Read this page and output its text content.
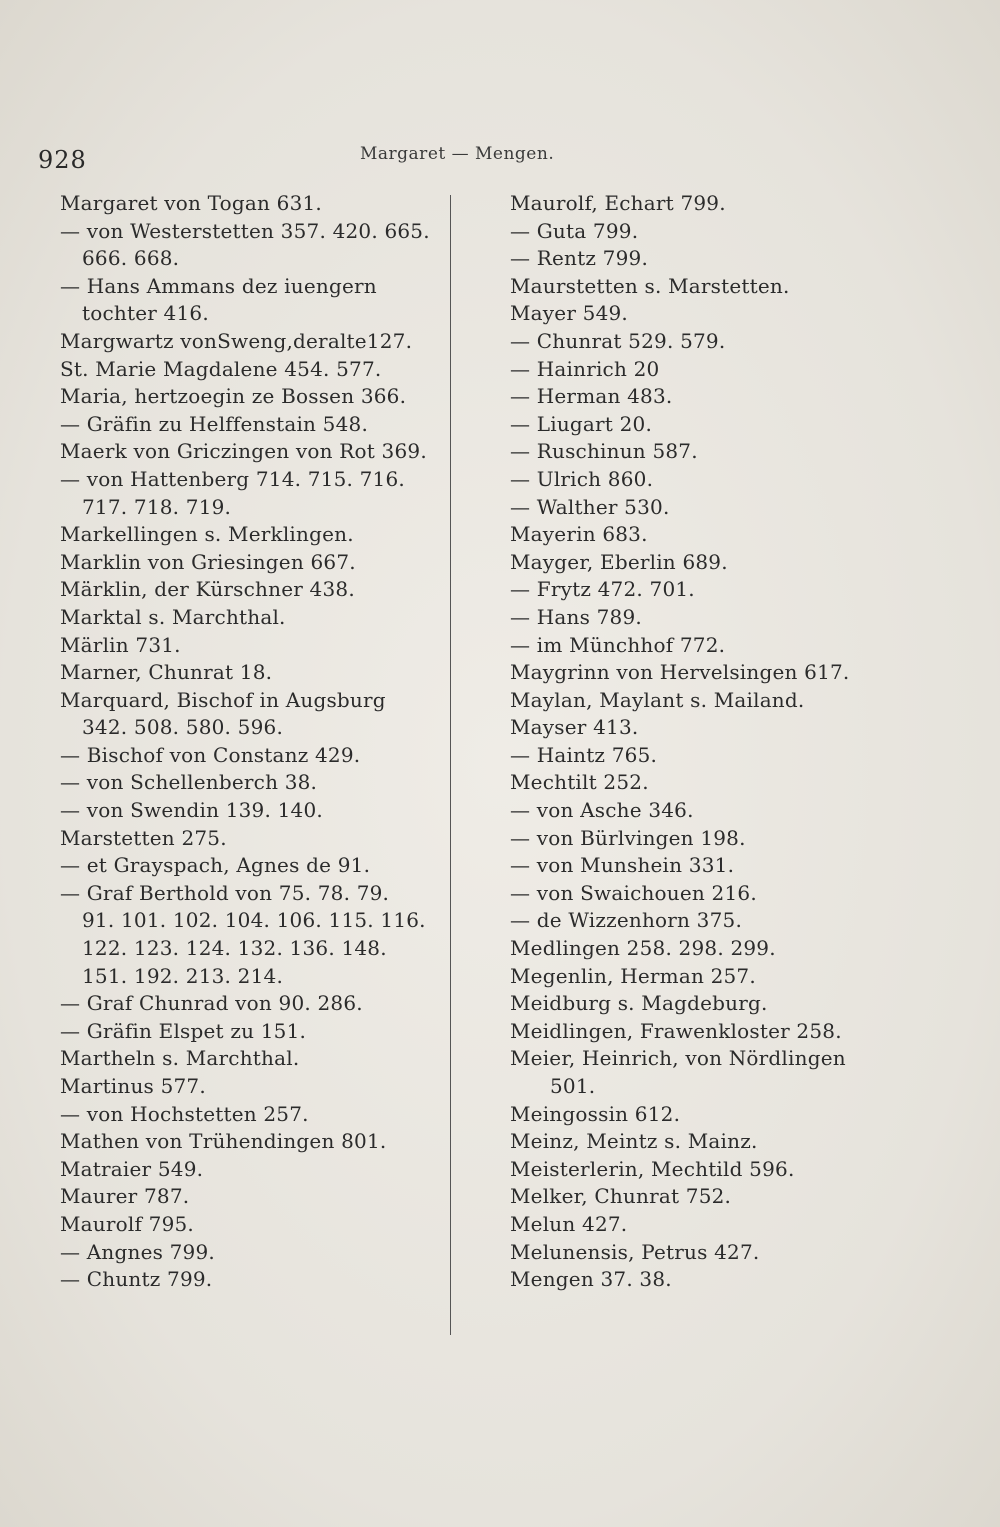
928	Margaret — Mengen.
Margaret von Togan 631.
— von Westerstetten 357. 420. 665.
666. 668.
— Hans Ammans dez iuengern
tochter 416.
Margwartz vonSweng,deralte127.
St. Marie Magdalene 454. 577.
Maria, hertzoegin ze Bossen 366.
— Gräfin zu Helffenstain 548.
Maerk von Griczingen von Rot 369.
— von Hattenberg 714. 715. 716.
717. 718. 719.
Markellingen s. Merklingen.
Marklin von Griesingen 667.
Märklin, der Kürschner 438.
Marktal s. Marchthal.
Märlin 731.
Marner, Chunrat 18.
Marquard, Bischof in Augsburg
342. 508. 580. 596.
— Bischof von Constanz 429.
— von Schellenberch 38.
— von Swendin 139. 140.
Marstetten 275.
— et Grayspach, Agnes de 91.
— Graf Berthold von 75. 78. 79.
91. 101. 102. 104. 106. 115. 116.
122. 123. 124. 132. 136. 148.
151. 192. 213. 214.
— Graf Chunrad von 90. 286.
— Gräfin Elspet zu 151.
Martheln s. Marchthal.
Martinus 577.
— von Hochstetten 257.
Mathen von Trühendingen 801.
Matraier 549.
Maurer 787.
Maurolf 795.
— Angnes 799.
— Chuntz 799.
Maurolf, Echart 799.
— Guta 799.
— Rentz 799.
Maurstetten s. Marstetten.
Mayer 549.
— Chunrat 529. 579.
— Hainrich 20
— Herman 483.
— Liugart 20.
— Ruschinun 587.
— Ulrich 860.
— Walther 530.
Mayerin 683.
Mayger, Eberlin 689.
— Frytz 472. 701.
— Hans 789.
— im Münchhof 772.
Maygrinn von Hervelsingen 617.
Maylan, Maylant s. Mailand.
Mayser 413.
— Haintz 765.
Mechtilt 252.
— von Asche 346.
— von Bürlvingen 198.
— von Munshein 331.
— von Swaichouen 216.
— de Wizzenhorn 375.
Medlingen 258. 298. 299.
Megenlin, Herman 257.
Meidburg s. Magdeburg.
Meidlingen, Frawenkloster 258.
Meier, Heinrich, von Nördlingen
501.
Meingossin 612.
Meinz, Meintz s. Mainz.
Meisterlerin, Mechtild 596.
Melker, Chunrat 752.
Melun 427.
Melunensis, Petrus 427.
Mengen 37. 38.
